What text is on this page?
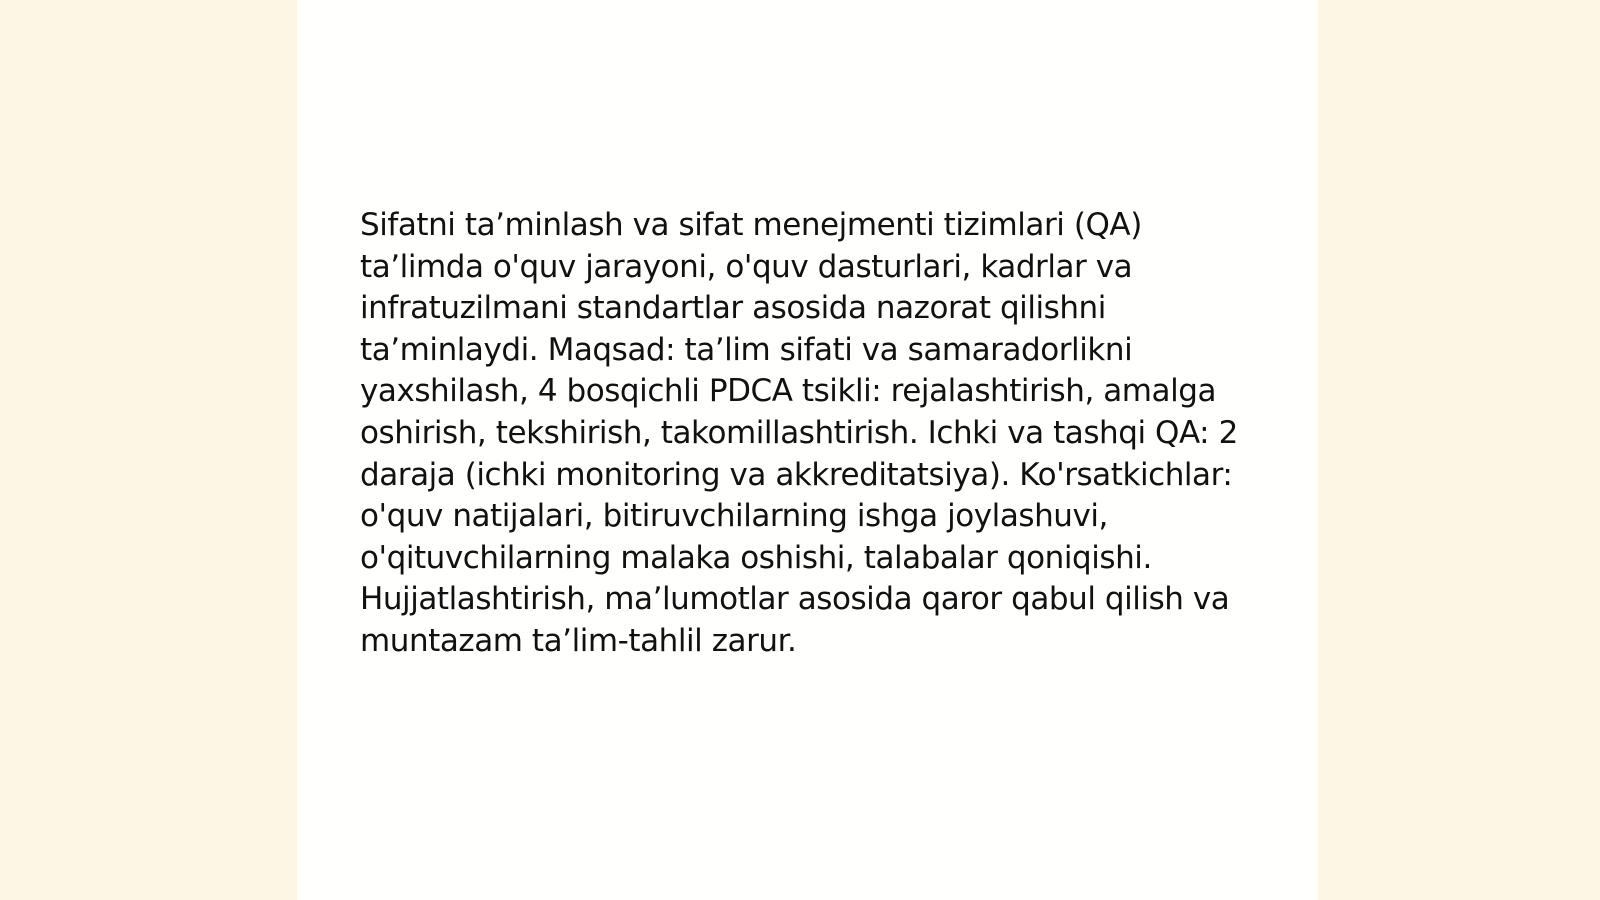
Sifatni ta’minlash va sifat menejmenti tizimlari (QA) ta’limda o'quv jarayoni, o'quv dasturlari, kadrlar va infratuzilmani standartlar asosida nazorat qilishni ta’minlaydi. Maqsad: ta’lim sifati va samaradorlikni yaxshilash, 4 bosqichli PDCA tsikli: rejalashtirish, amalga oshirish, tekshirish, takomillashtirish. Ichki va tashqi QA: 2 daraja (ichki monitoring va akkreditatsiya). Ko'rsatkichlar: o'quv natijalari, bitiruvchilarning ishga joylashuvi, o'qituvchilarning malaka oshishi, talabalar qoniqishi. Hujjatlashtirish, ma’lumotlar asosida qaror qabul qilish va muntazam ta’lim-tahlil zarur.
